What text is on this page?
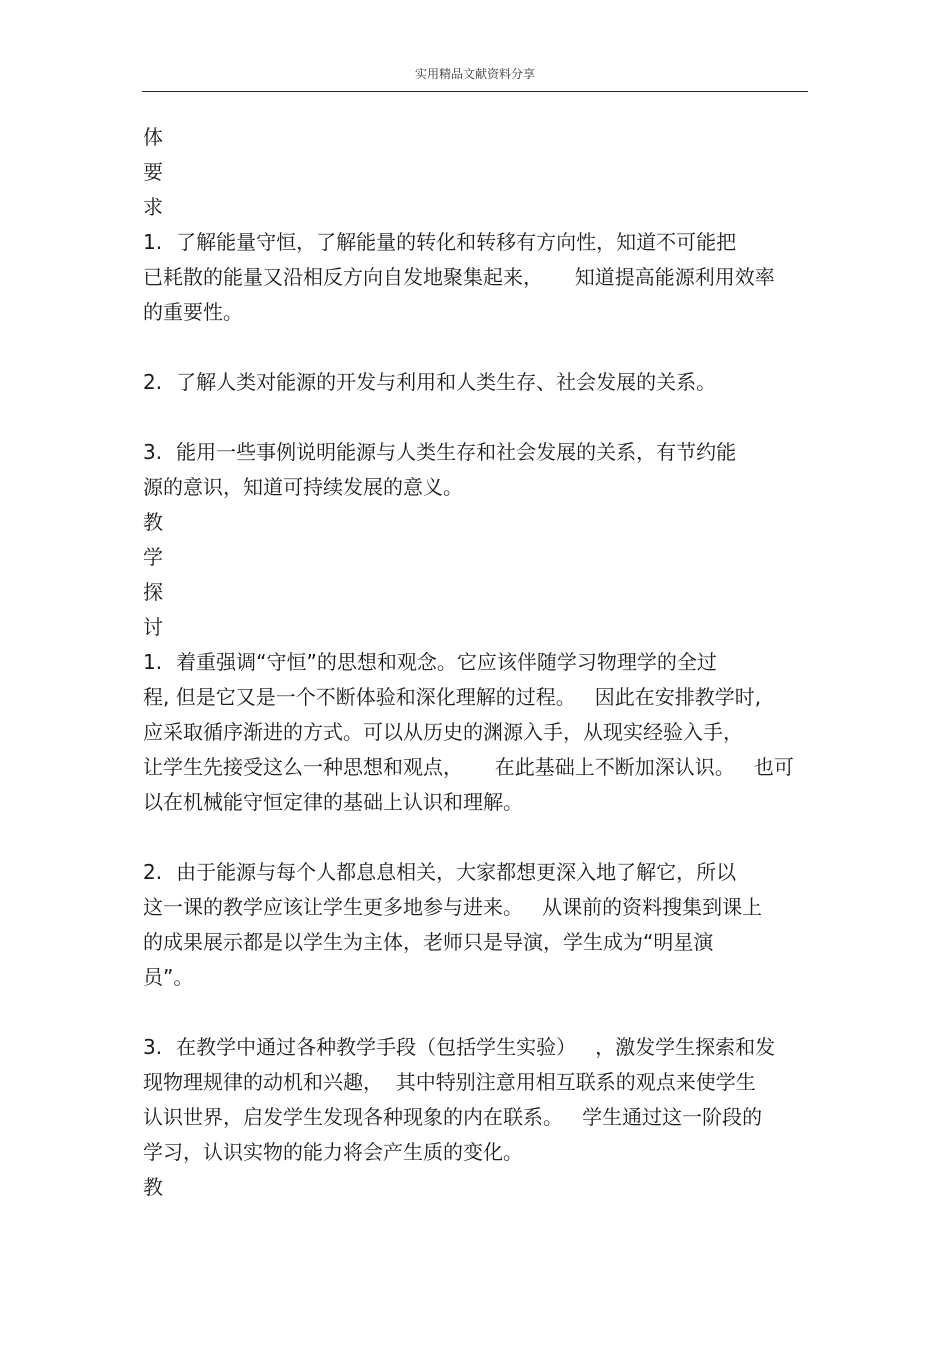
实用精品文献资料分享
体
要
求
1. 了解能量守恒，了解能量的转化和转移有方向性，知道不可能把
已耗散的能量又沿相反方向自发地聚集起来，     知道提高能源利用效率
的重要性。
2. 了解人类对能源的开发与利用和人类生存、社会发展的关系。
3. 能用一些事例说明能源与人类生存和社会发展的关系，有节约能
源的意识，知道可持续发展的意义。
教
学
探
讨
1. 着重强调“守恒”的思想和观念。它应该伴随学习物理学的全过
程, 但是它又是一个不断体验和深化理解的过程。   因此在安排教学时,
应采取循序渐进的方式。可以从历史的渊源入手，从现实经验入手，
让学生先接受这么一种思想和观点，     在此基础上不断加深认识。   也可
以在机械能守恒定律的基础上认识和理解。
2. 由于能源与每个人都息息相关，大家都想更深入地了解它，所以
这一课的教学应该让学生更多地参与进来。   从课前的资料搜集到课上
的成果展示都是以学生为主体，老师只是导演，学生成为“明星演
员”。
3. 在教学中通过各种教学手段（包括学生实验）   ，激发学生探索和发
现物理规律的动机和兴趣，  其中特别注意用相互联系的观点来使学生
认识世界，启发学生发现各种现象的内在联系。   学生通过这一阶段的
学习，认识实物的能力将会产生质的变化。
教
